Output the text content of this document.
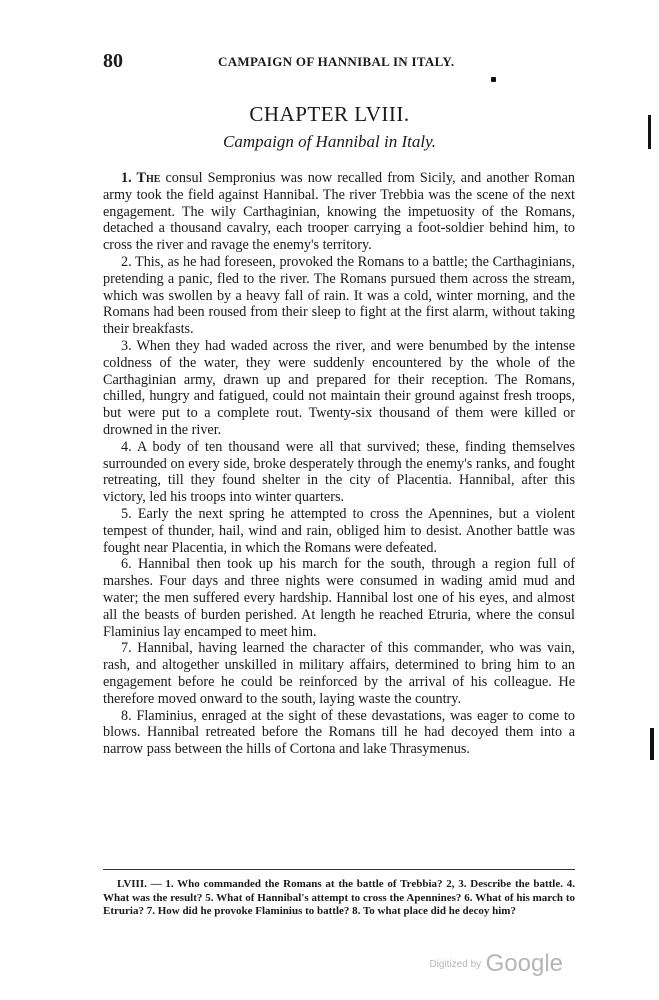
80	CAMPAIGN OF HANNIBAL IN ITALY.
CHAPTER LVIII.
Campaign of Hannibal in Italy.

1. The consul Sempronius was now recalled from Sicily, and another Roman army took the field against Hannibal. The river Trebbia was the scene of the next engagement. The wily Carthaginian, knowing the impetuosity of the Romans, detached a thousand cavalry, each trooper carrying a foot-soldier behind him, to cross the river and ravage the enemy's territory.

2. This, as he had foreseen, provoked the Romans to a battle; the Carthaginians, pretending a panic, fled to the river. The Romans pursued them across the stream, which was swollen by a heavy fall of rain. It was a cold, winter morning, and the Romans had been roused from their sleep to fight at the first alarm, without taking their breakfasts.

3. When they had waded across the river, and were benumbed by the intense coldness of the water, they were suddenly encountered by the whole of the Carthaginian army, drawn up and prepared for their reception. The Romans, chilled, hungry and fatigued, could not maintain their ground against fresh troops, but were put to a complete rout. Twenty-six thousand of them were killed or drowned in the river.

4. A body of ten thousand were all that survived; these, finding themselves surrounded on every side, broke desperately through the enemy's ranks, and fought retreating, till they found shelter in the city of Placentia. Hannibal, after this victory, led his troops into winter quarters.

5. Early the next spring he attempted to cross the Apennines, but a violent tempest of thunder, hail, wind and rain, obliged him to desist. Another battle was fought near Placentia, in which the Romans were defeated.

6. Hannibal then took up his march for the south, through a region full of marshes. Four days and three nights were consumed in wading amid mud and water; the men suffered every hardship. Hannibal lost one of his eyes, and almost all the beasts of burden perished. At length he reached Etruria, where the consul Flaminius lay encamped to meet him.

7. Hannibal, having learned the character of this commander, who was vain, rash, and altogether unskilled in military affairs, determined to bring him to an engagement before he could be reinforced by the arrival of his colleague. He therefore moved onward to the south, laying waste the country.

8. Flaminius, enraged at the sight of these devastations, was eager to come to blows. Hannibal retreated before the Romans till he had decoyed them into a narrow pass between the hills of Cortona and lake Thrasymenus.

LVIII. — 1. Who commanded the Romans at the battle of Trebbia? 2, 3. Describe the battle. 4. What was the result? 5. What of Hannibal's attempt to cross the Apennines? 6. What of his march to Etruria? 7. How did he provoke Flaminius to battle? 8. To what place did he decoy him?

$^{Digitized by}$ Google
